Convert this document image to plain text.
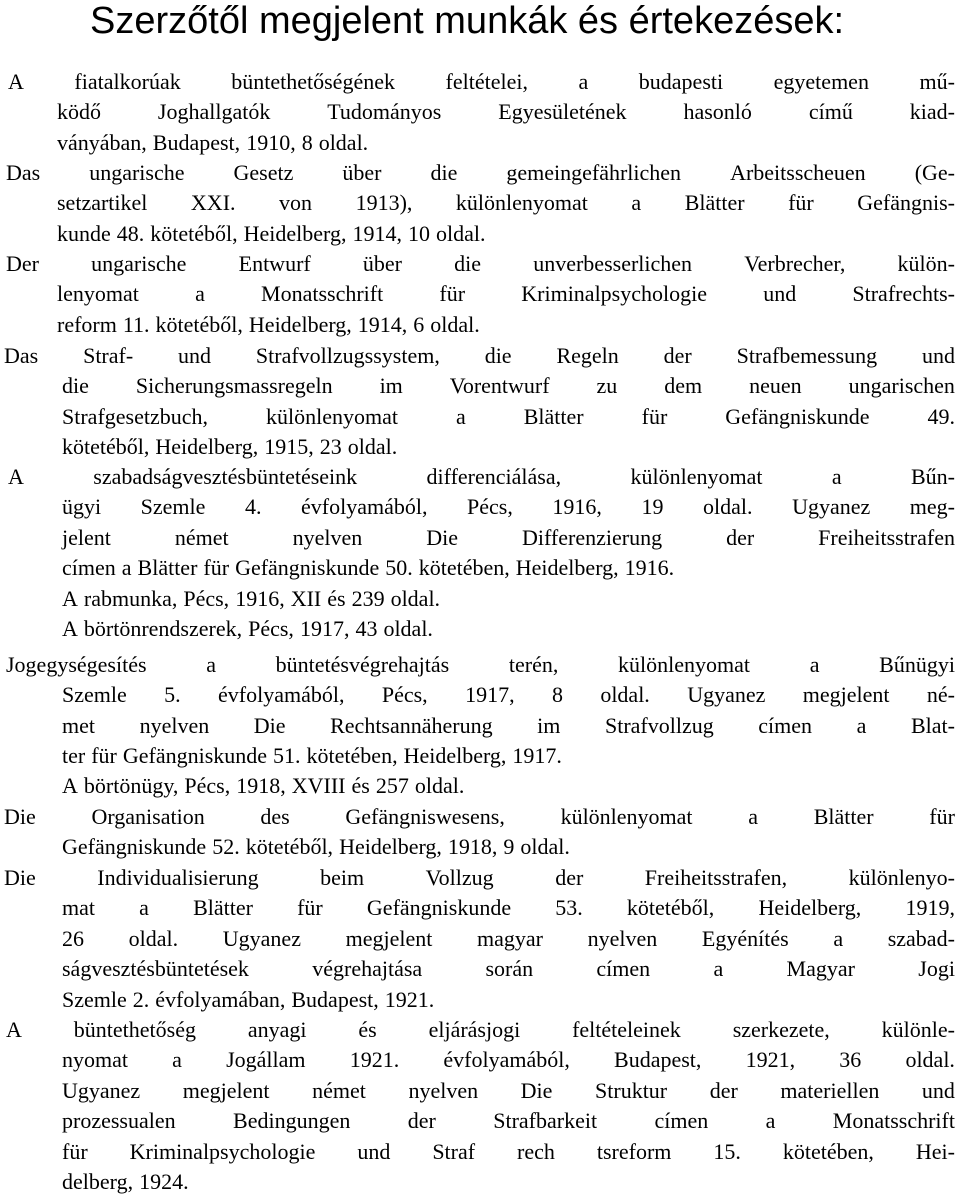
Szerzőtől megjelent munkák és értekezések:
A fiatalkorúak büntethetőségének feltételei, a budapesti egyetemen mű-
ködő	Joghallgatók	Tudományos	Egyesületének	hasonló	című	kiad-
ványában, Budapest, 1910, 8 oldal.
Das ungarische Gesetz über die gemeingefährlichen Arbeitsscheuen (Ge-
setzartikel XXI. von 1913), különlenyomat a Blätter für Gefängnis-
kunde 48. kötetéből, Heidelberg, 1914, 10 oldal.
Der ungarische Entwurf über die unverbesserlichen Verbrecher, külön-
lenyomat	a	Monatsschrift	für	Kriminalpsychologie	und	Strafrechts-
reform 11. kötetéből, Heidelberg, 1914, 6 oldal.
Das Straf- und Strafvollzugssystem, die Regeln der Strafbemessung und
die Sicherungsmassregeln im Vorentwurf zu dem neuen ungarischen
Strafgesetzbuch,	különlenyomat	a	Blätter	für	Gefängniskunde	49.
kötetéből, Heidelberg, 1915, 23 oldal.
A	szabadságvesztésbüntetéseink	differenciálása,	különlenyomat	a	Bűn-
ügyi Szemle 4. évfolyamából, Pécs, 1916, 19 oldal. Ugyanez meg-
jelent	német	nyelven	Die	Differenzierung	der	Freiheitsstrafen
címen a Blätter für Gefängniskunde 50. kötetében, Heidelberg, 1916.
A rabmunka, Pécs, 1916, XII és 239 oldal.
A börtönrendszerek, Pécs, 1917, 43 oldal.
Jogegységesítés	a	büntetésvégrehajtás	terén,	különlenyomat	a	Bűnügyi
Szemle 5. évfolyamából, Pécs, 1917, 8 oldal. Ugyanez megjelent né-
met nyelven Die Rechtsannäherung im Strafvollzug címen a Blat-
ter für Gefängniskunde 51. kötetében, Heidelberg, 1917.
A börtönügy, Pécs, 1918, XVIII és 257 oldal.
Die	Organisation	des	Gefängniswesens,	különlenyomat	a	Blätter	für
Gefängniskunde 52. kötetéből, Heidelberg, 1918, 9 oldal.
Die	Individualisierung	beim	Vollzug	der	Freiheitsstrafen,	különlenyo-
mat a Blätter für Gefängniskunde 53. kötetéből, Heidelberg, 1919,
26 oldal. Ugyanez megjelent magyar nyelven Egyénítés a szabad-
ságvesztésbüntetések	végrehajtása	során	címen	a	Magyar	Jogi
Szemle 2. évfolyamában, Budapest, 1921.
A büntethetőség anyagi és eljárásjogi feltételeinek szerkezete, különle-
nyomat a Jogállam 1921. évfolyamából, Budapest, 1921, 36 oldal.
Ugyanez megjelent német nyelven Die Struktur der materiellen und
prozessualen	Bedingungen	der	Strafbarkeit	címen	a	Monatsschrift
für Kriminalpsychologie und Straf rech tsreform 15. kötetében, Hei-
delberg, 1924.
